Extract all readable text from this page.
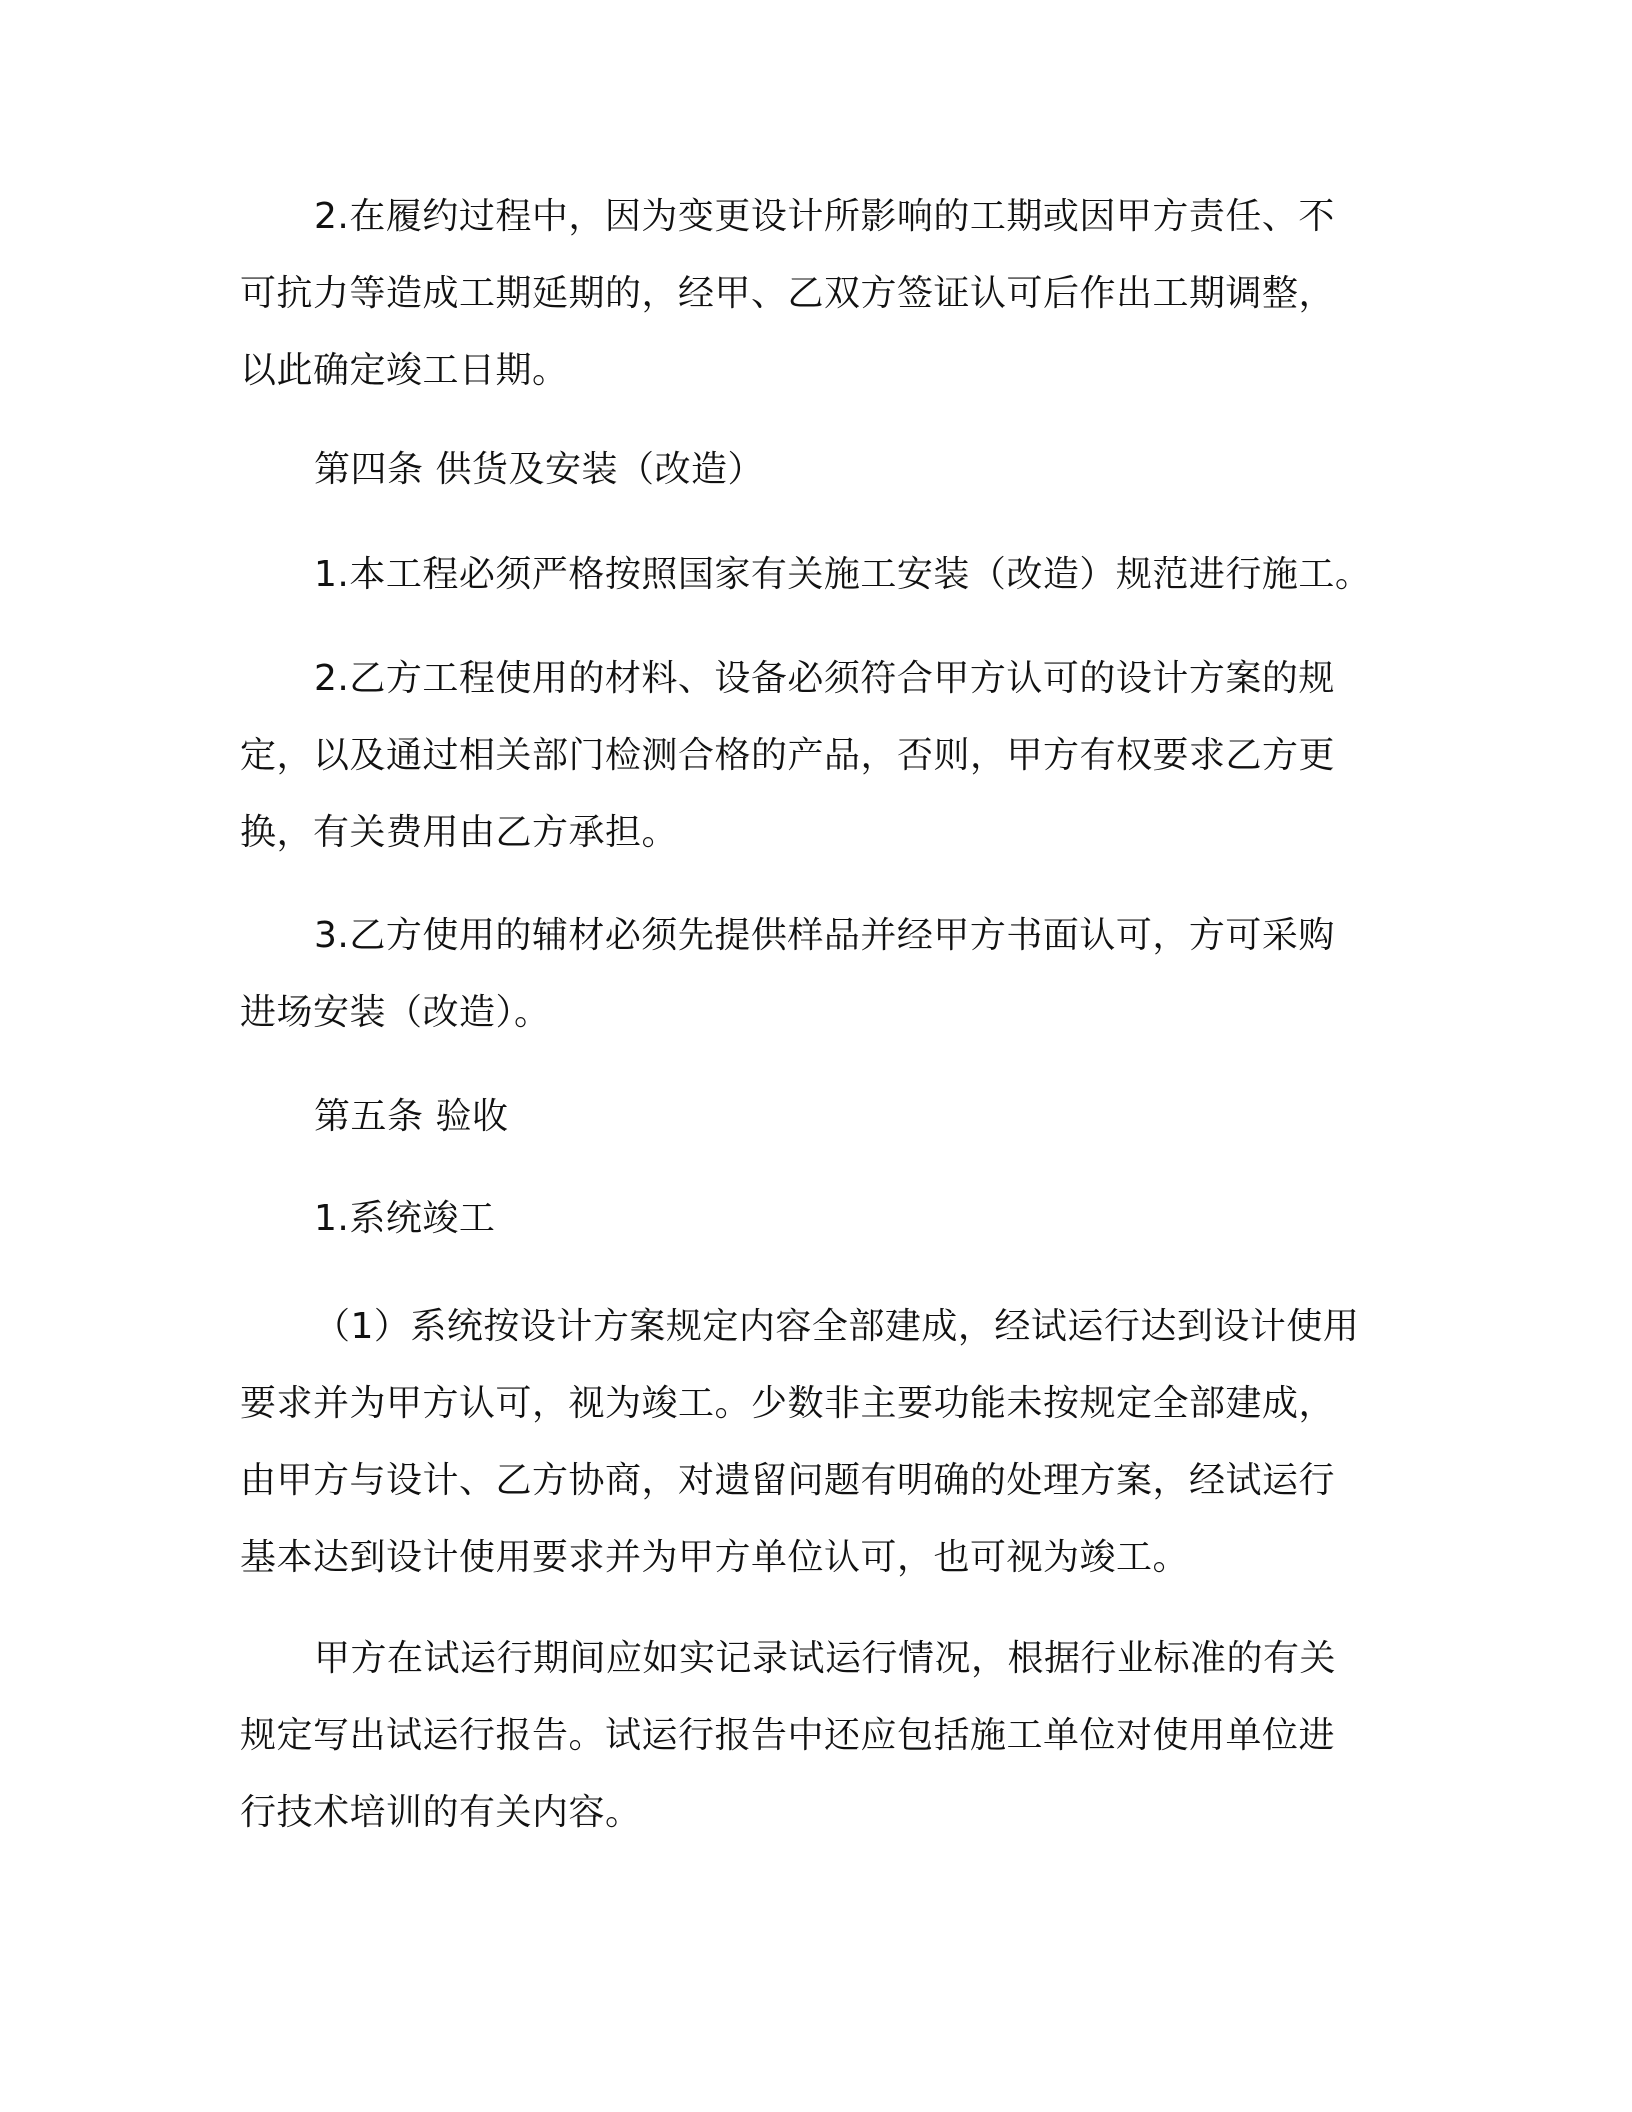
2.在履约过程中，因为变更设计所影响的工期或因甲方责任、不
可抗力等造成工期延期的，经甲、乙双方签证认可后作出工期调整，
以此确定竣工日期。
第四条 供货及安装（改造）
1.本工程必须严格按照国家有关施工安装（改造）规范进行施工。
2.乙方工程使用的材料、设备必须符合甲方认可的设计方案的规
定，以及通过相关部门检测合格的产品，否则，甲方有权要求乙方更
换，有关费用由乙方承担。
3.乙方使用的辅材必须先提供样品并经甲方书面认可，方可采购
进场安装（改造）。
第五条 验收
1.系统竣工
（1）系统按设计方案规定内容全部建成，经试运行达到设计使用
要求并为甲方认可，视为竣工。少数非主要功能未按规定全部建成，
由甲方与设计、乙方协商，对遗留问题有明确的处理方案，经试运行
基本达到设计使用要求并为甲方单位认可，也可视为竣工。
甲方在试运行期间应如实记录试运行情况，根据行业标准的有关
规定写出试运行报告。试运行报告中还应包括施工单位对使用单位进
行技术培训的有关内容。
